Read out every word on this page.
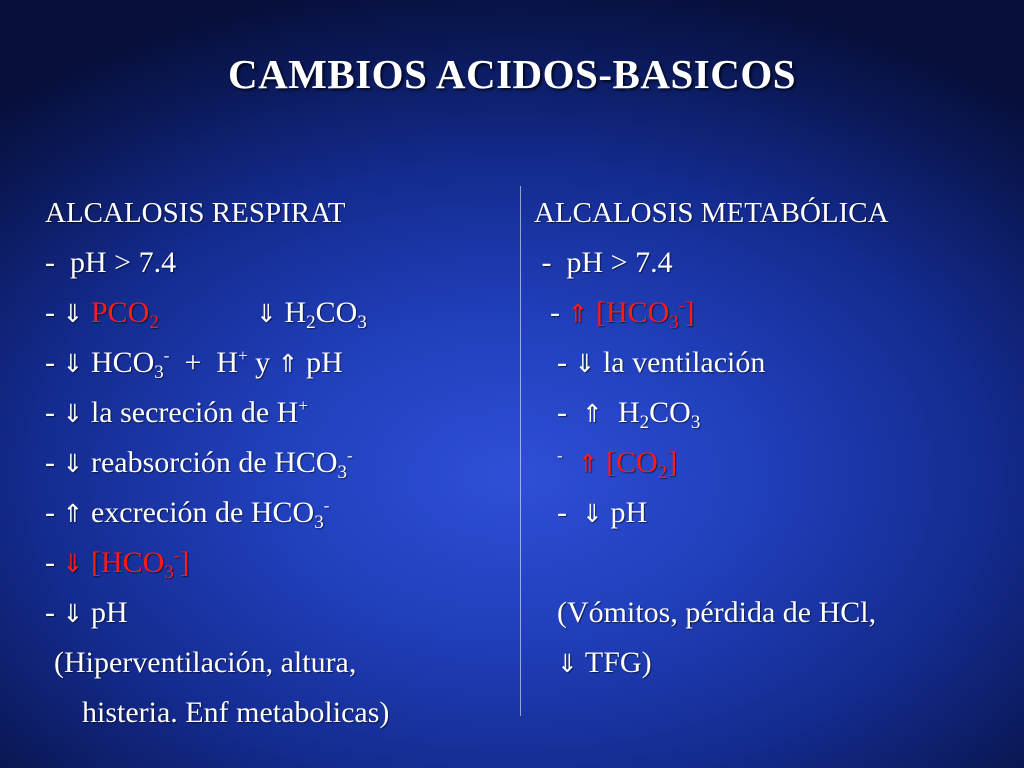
CAMBIOS ACIDOS-BASICOS
ALCALOSIS RESPIRAT
-  pH > 7.4
- ⇓ $PCO_2$	⇓ $H_2CO_3$
- ⇓ $HCO_3^- + H^+$ y ⇑ pH
- ⇓ la secreción de H+
- ⇓ reabsorción de $HCO_3^-$
- ⇑ excreción de $HCO_3^-$
- ⇓ $[HCO_3^-]$
- ⇓ pH
(Hiperventilación, altura,
histeria. Enf metabolicas)
ALCALOSIS METABÓLICA
-  pH > 7.4
- ⇑ $[HCO_3^-]$
- ⇓ la ventilación
- ⇑ $H_2CO_3$
- ⇑ $[CO_2]$
- ⇓ pH
(Vómitos, pérdida de HCl,
⇓ TFG)
